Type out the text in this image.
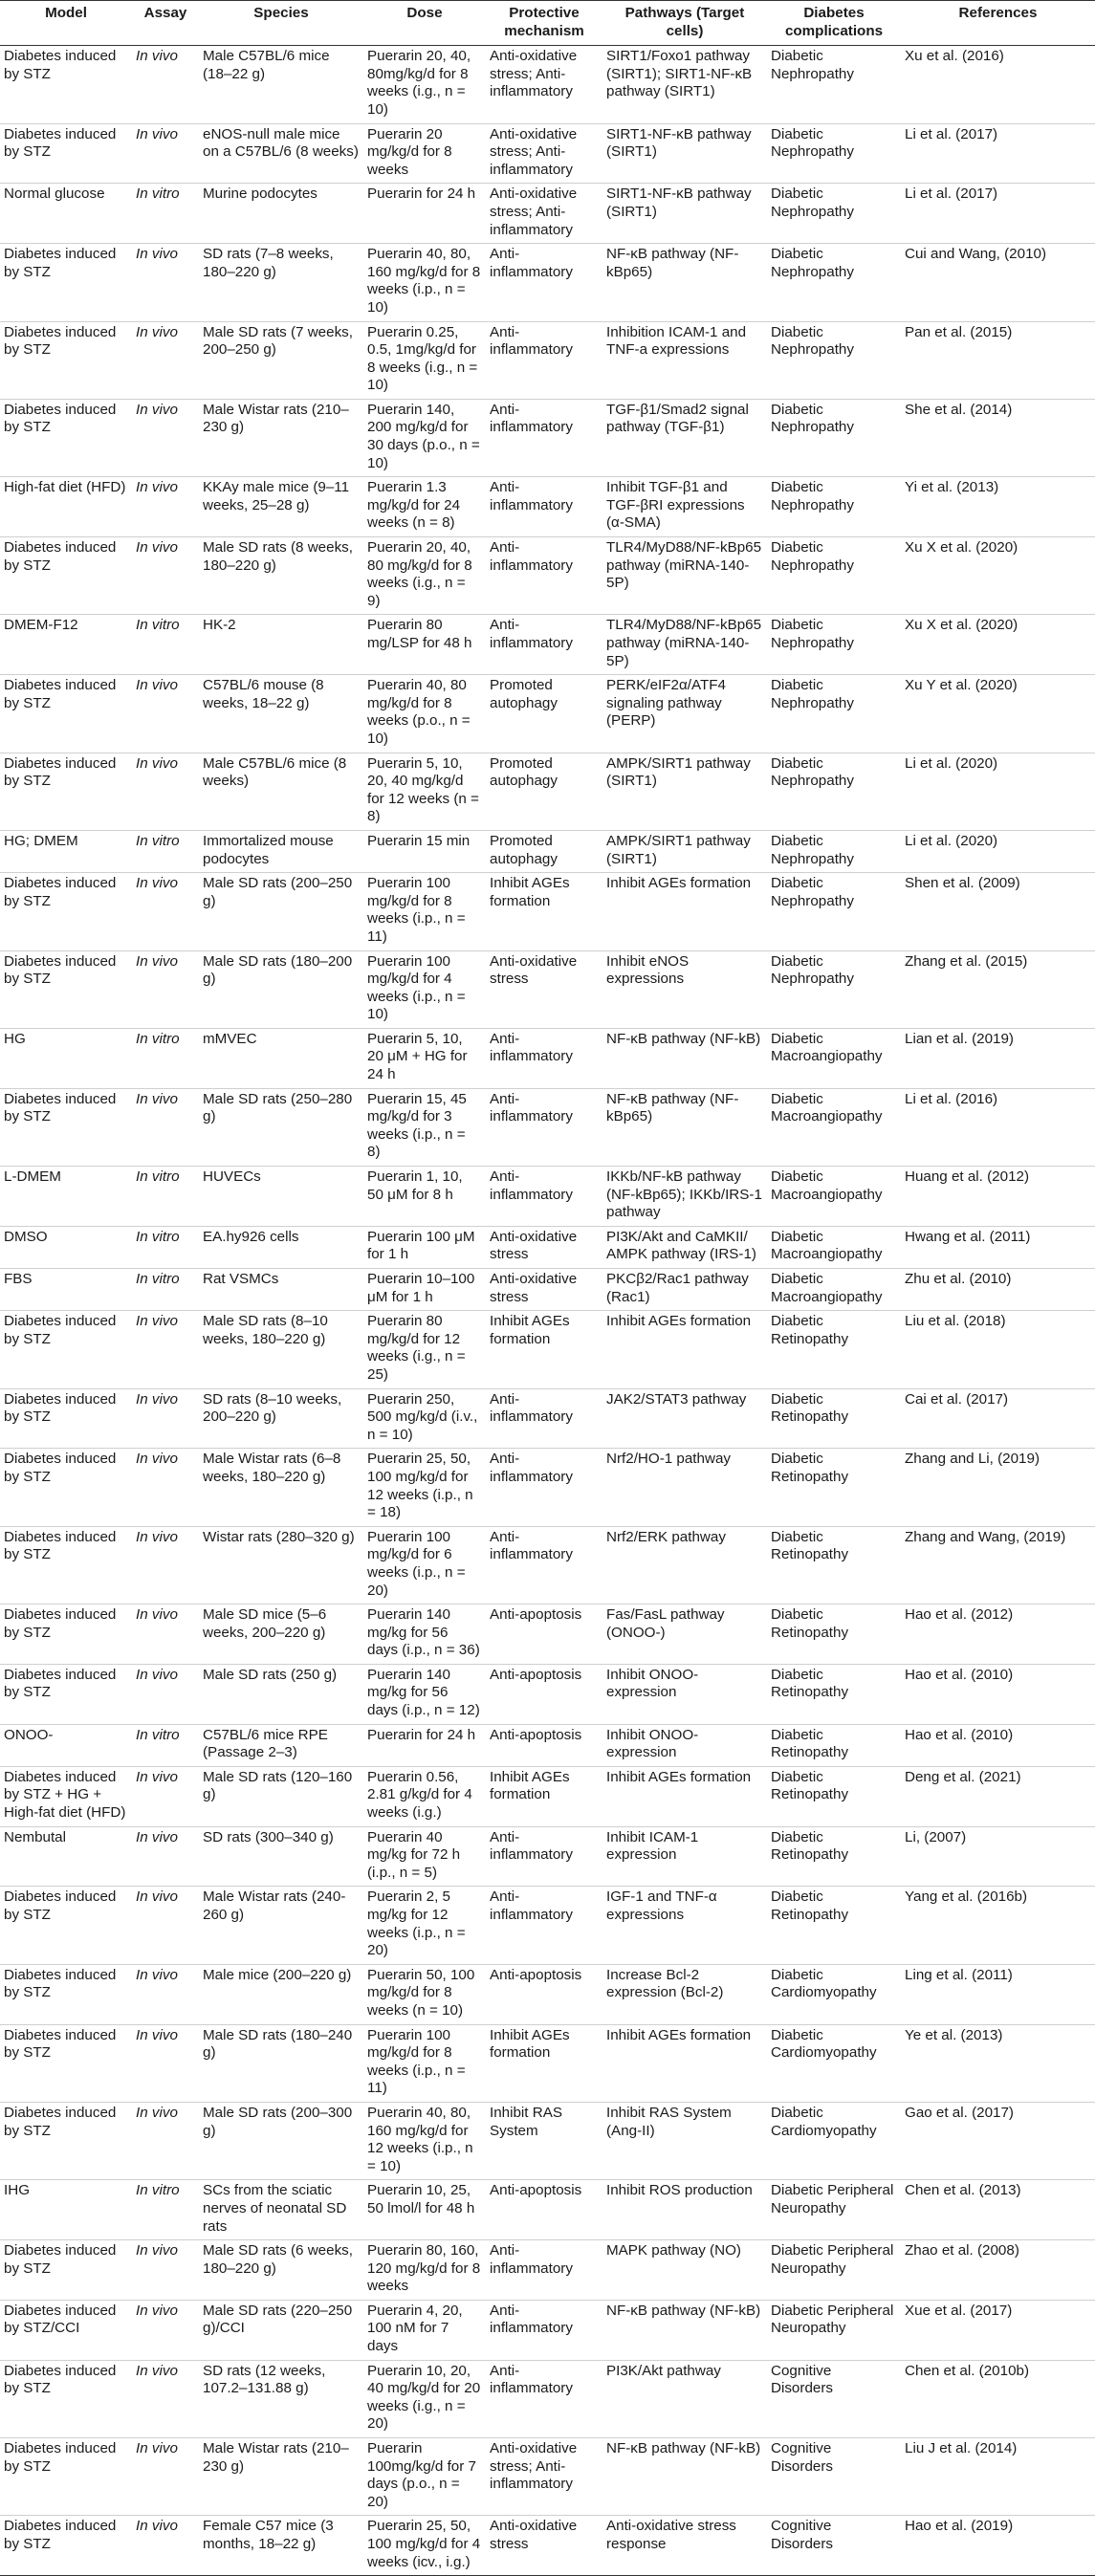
Model	Assay	Species	Dose	Protective mechanism	Pathways (Target cells)	Diabetes complications	References
Diabetes induced by STZ	In vivo	Male C57BL/6 mice (18–22 g)	Puerarin 20, 40, 80mg/kg/d for 8 weeks (i.g., n = 10)	Anti-oxidative stress; Anti-inflammatory	SIRT1/Foxo1 pathway (SIRT1); SIRT1-NF-κB pathway (SIRT1)	Diabetic Nephropathy	Xu et al. (2016)
Diabetes induced by STZ	In vivo	eNOS-null male mice on a C57BL/6 (8 weeks)	Puerarin 20 mg/kg/d for 8 weeks	Anti-oxidative stress; Anti-inflammatory	SIRT1-NF-κB pathway (SIRT1)	Diabetic Nephropathy	Li et al. (2017)
Normal glucose	In vitro	Murine podocytes	Puerarin for 24 h	Anti-oxidative stress; Anti-inflammatory	SIRT1-NF-κB pathway (SIRT1)	Diabetic Nephropathy	Li et al. (2017)
Diabetes induced by STZ	In vivo	SD rats (7–8 weeks, 180–220 g)	Puerarin 40, 80, 160 mg/kg/d for 8 weeks (i.p., n = 10)	Anti-inflammatory	NF-κB pathway (NF-kBp65)	Diabetic Nephropathy	Cui and Wang, (2010)
Diabetes induced by STZ	In vivo	Male SD rats (7 weeks, 200–250 g)	Puerarin 0.25, 0.5, 1mg/kg/d for 8 weeks (i.g., n = 10)	Anti-inflammatory	Inhibition ICAM-1 and TNF-a expressions	Diabetic Nephropathy	Pan et al. (2015)
Diabetes induced by STZ	In vivo	Male Wistar rats (210–230 g)	Puerarin 140, 200 mg/kg/d for 30 days (p.o., n = 10)	Anti-inflammatory	TGF-β1/Smad2 signal pathway (TGF-β1)	Diabetic Nephropathy	She et al. (2014)
High-fat diet (HFD)	In vivo	KKAy male mice (9–11 weeks, 25–28 g)	Puerarin 1.3 mg/kg/d for 24 weeks (n = 8)	Anti-inflammatory	Inhibit TGF-β1 and TGF-βRI expressions (α-SMA)	Diabetic Nephropathy	Yi et al. (2013)
Diabetes induced by STZ	In vivo	Male SD rats (8 weeks, 180–220 g)	Puerarin 20, 40, 80 mg/kg/d for 8 weeks (i.g., n = 9)	Anti-inflammatory	TLR4/MyD88/NF-kBp65 pathway (miRNA-140-5P)	Diabetic Nephropathy	Xu X et al. (2020)
DMEM-F12	In vitro	HK-2	Puerarin 80 mg/LSP for 48 h	Anti-inflammatory	TLR4/MyD88/NF-kBp65 pathway (miRNA-140-5P)	Diabetic Nephropathy	Xu X et al. (2020)
Diabetes induced by STZ	In vivo	C57BL/6 mouse (8 weeks, 18–22 g)	Puerarin 40, 80 mg/kg/d for 8 weeks (p.o., n = 10)	Promoted autophagy	PERK/eIF2α/ATF4 signaling pathway (PERP)	Diabetic Nephropathy	Xu Y et al. (2020)
Diabetes induced by STZ	In vivo	Male C57BL/6 mice (8 weeks)	Puerarin 5, 10, 20, 40 mg/kg/d for 12 weeks (n = 8)	Promoted autophagy	AMPK/SIRT1 pathway (SIRT1)	Diabetic Nephropathy	Li et al. (2020)
HG; DMEM	In vitro	Immortalized mouse podocytes	Puerarin 15 min	Promoted autophagy	AMPK/SIRT1 pathway (SIRT1)	Diabetic Nephropathy	Li et al. (2020)
Diabetes induced by STZ	In vivo	Male SD rats (200–250 g)	Puerarin 100 mg/kg/d for 8 weeks (i.p., n = 11)	Inhibit AGEs formation	Inhibit AGEs formation	Diabetic Nephropathy	Shen et al. (2009)
Diabetes induced by STZ	In vivo	Male SD rats (180–200 g)	Puerarin 100 mg/kg/d for 4 weeks (i.p., n = 10)	Anti-oxidative stress	Inhibit eNOS expressions	Diabetic Nephropathy	Zhang et al. (2015)
HG	In vitro	mMVEC	Puerarin 5, 10, 20 μM + HG for 24 h	Anti-inflammatory	NF-κB pathway (NF-kB)	Diabetic Macroangiopathy	Lian et al. (2019)
Diabetes induced by STZ	In vivo	Male SD rats (250–280 g)	Puerarin 15, 45 mg/kg/d for 3 weeks (i.p., n = 8)	Anti-inflammatory	NF-κB pathway (NF-kBp65)	Diabetic Macroangiopathy	Li et al. (2016)
L-DMEM	In vitro	HUVECs	Puerarin 1, 10, 50 μM for 8 h	Anti-inflammatory	IKKb/NF-kB pathway (NF-kBp65); IKKb/IRS-1 pathway	Diabetic Macroangiopathy	Huang et al. (2012)
DMSO	In vitro	EA.hy926 cells	Puerarin 100 μM for 1 h	Anti-oxidative stress	PI3K/Akt and CaMKII/ AMPK pathway (IRS-1)	Diabetic Macroangiopathy	Hwang et al. (2011)
FBS	In vitro	Rat VSMCs	Puerarin 10–100 μM for 1 h	Anti-oxidative stress	PKCβ2/Rac1 pathway (Rac1)	Diabetic Macroangiopathy	Zhu et al. (2010)
Diabetes induced by STZ	In vivo	Male SD rats (8–10 weeks, 180–220 g)	Puerarin 80 mg/kg/d for 12 weeks (i.g., n = 25)	Inhibit AGEs formation	Inhibit AGEs formation	Diabetic Retinopathy	Liu et al. (2018)
Diabetes induced by STZ	In vivo	SD rats (8–10 weeks, 200–220 g)	Puerarin 250, 500 mg/kg/d (i.v., n = 10)	Anti-inflammatory	JAK2/STAT3 pathway	Diabetic Retinopathy	Cai et al. (2017)
Diabetes induced by STZ	In vivo	Male Wistar rats (6–8 weeks, 180–220 g)	Puerarin 25, 50, 100 mg/kg/d for 12 weeks (i.p., n = 18)	Anti-inflammatory	Nrf2/HO-1 pathway	Diabetic Retinopathy	Zhang and Li, (2019)
Diabetes induced by STZ	In vivo	Wistar rats (280–320 g)	Puerarin 100 mg/kg/d for 6 weeks (i.p., n = 20)	Anti-inflammatory	Nrf2/ERK pathway	Diabetic Retinopathy	Zhang and Wang, (2019)
Diabetes induced by STZ	In vivo	Male SD mice (5–6 weeks, 200–220 g)	Puerarin 140 mg/kg for 56 days (i.p., n = 36)	Anti-apoptosis	Fas/FasL pathway (ONOO-)	Diabetic Retinopathy	Hao et al. (2012)
Diabetes induced by STZ	In vivo	Male SD rats (250 g)	Puerarin 140 mg/kg for 56 days (i.p., n = 12)	Anti-apoptosis	Inhibit ONOO- expression	Diabetic Retinopathy	Hao et al. (2010)
ONOO-	In vitro	C57BL/6 mice RPE (Passage 2–3)	Puerarin for 24 h	Anti-apoptosis	Inhibit ONOO- expression	Diabetic Retinopathy	Hao et al. (2010)
Diabetes induced by STZ + HG + High-fat diet (HFD)	In vivo	Male SD rats (120–160 g)	Puerarin 0.56, 2.81 g/kg/d for 4 weeks (i.g.)	Inhibit AGEs formation	Inhibit AGEs formation	Diabetic Retinopathy	Deng et al. (2021)
Nembutal	In vivo	SD rats (300–340 g)	Puerarin 40 mg/kg for 72 h (i.p., n = 5)	Anti-inflammatory	Inhibit ICAM-1 expression	Diabetic Retinopathy	Li, (2007)
Diabetes induced by STZ	In vivo	Male Wistar rats (240-260 g)	Puerarin 2, 5 mg/kg for 12 weeks (i.p., n = 20)	Anti-inflammatory	IGF-1 and TNF-α expressions	Diabetic Retinopathy	Yang et al. (2016b)
Diabetes induced by STZ	In vivo	Male mice (200–220 g)	Puerarin 50, 100 mg/kg/d for 8 weeks (n = 10)	Anti-apoptosis	Increase Bcl-2 expression (Bcl-2)	Diabetic Cardiomyopathy	Ling et al. (2011)
Diabetes induced by STZ	In vivo	Male SD rats (180–240 g)	Puerarin 100 mg/kg/d for 8 weeks (i.p., n = 11)	Inhibit AGEs formation	Inhibit AGEs formation	Diabetic Cardiomyopathy	Ye et al. (2013)
Diabetes induced by STZ	In vivo	Male SD rats (200–300 g)	Puerarin 40, 80, 160 mg/kg/d for 12 weeks (i.p., n = 10)	Inhibit RAS System	Inhibit RAS System (Ang-II)	Diabetic Cardiomyopathy	Gao et al. (2017)
IHG	In vitro	SCs from the sciatic nerves of neonatal SD rats	Puerarin 10, 25, 50 lmol/l for 48 h	Anti-apoptosis	Inhibit ROS production	Diabetic Peripheral Neuropathy	Chen et al. (2013)
Diabetes induced by STZ	In vivo	Male SD rats (6 weeks, 180–220 g)	Puerarin 80, 160, 120 mg/kg/d for 8 weeks	Anti-inflammatory	MAPK pathway (NO)	Diabetic Peripheral Neuropathy	Zhao et al. (2008)
Diabetes induced by STZ/CCI	In vivo	Male SD rats (220–250 g)/CCI	Puerarin 4, 20, 100 nM for 7 days	Anti-inflammatory	NF-κB pathway (NF-kB)	Diabetic Peripheral Neuropathy	Xue et al. (2017)
Diabetes induced by STZ	In vivo	SD rats (12 weeks, 107.2–131.88 g)	Puerarin 10, 20, 40 mg/kg/d for 20 weeks (i.g., n = 20)	Anti-inflammatory	PI3K/Akt pathway	Cognitive Disorders	Chen et al. (2010b)
Diabetes induced by STZ	In vivo	Male Wistar rats (210–230 g)	Puerarin 100mg/kg/d for 7 days (p.o., n = 20)	Anti-oxidative stress; Anti-inflammatory	NF-κB pathway (NF-kB)	Cognitive Disorders	Liu J et al. (2014)
Diabetes induced by STZ	In vivo	Female C57 mice (3 months, 18–22 g)	Puerarin 25, 50, 100 mg/kg/d for 4 weeks (icv., i.g.)	Anti-oxidative stress	Anti-oxidative stress response	Cognitive Disorders	Hao et al. (2019)
